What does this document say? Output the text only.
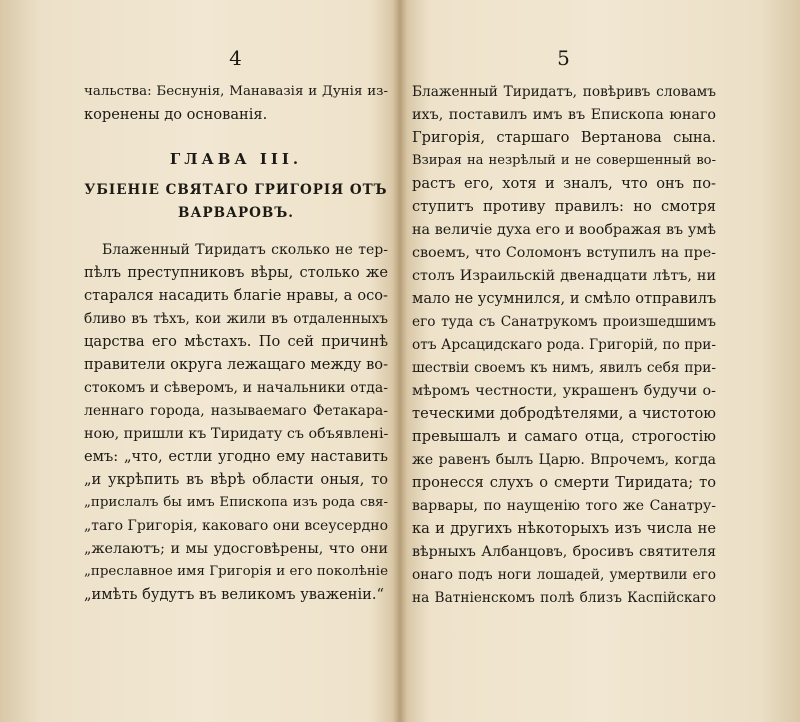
4
чальства: Беснунія, Манавазія и Дунія из-
коренены до основанія.
ГЛАВА III.
УБІЕНІЕ СВЯТАГО ГРИГОРІЯ ОТЪ
ВАРВАРОВЪ.
Блаженный Тиридатъ сколько не тер-
пѣлъ преступниковъ вѣры, столько же
старался насадить благіе нравы, а осо-
бливо въ тѣхъ, кои жили въ отдаленныхъ
царства его мѣстахъ. По сей причинѣ
правители округа лежащаго между во-
стокомъ и сѣверомъ, и начальники отда-
леннаго города, называемаго Фетакара-
ною, пришли къ Тиридату съ объявлені-
емъ: „что, естли угодно ему наставить
„и укрѣпить въ вѣрѣ области оныя, то
„прислалъ бы имъ Епископа изъ рода свя-
„таго Григорія, каковаго они всеусердно
„желаютъ; и мы удосговѣрены, что они
„преславное имя Григорія и его поколѣніе
„имѣть будутъ въ великомъ уваженіи.“
5
Блаженный Тиридатъ, повѣривъ словамъ
ихъ, поставилъ имъ въ Епископа юнаго
Григорія, старшаго Вертанова сына.
Взирая на незрѣлый и не совершенный во-
растъ его, хотя и зналъ, что онъ по-
ступитъ противу правилъ: но смотря
на величіе духа его и воображая въ умѣ
своемъ, что Соломонъ вступилъ на пре-
столъ Израильскій двенадцати лѣтъ, ни
мало не усумнился, и смѣло отправилъ
его туда съ Санатрукомъ произшедшимъ
отъ Арсацидскаго рода. Григорій, по при-
шествіи своемъ къ нимъ, явилъ себя при-
мѣромъ честности, украшенъ будучи о-
теческими добродѣтелями, а чистотою
превышалъ и самаго отца, строгостію
же равенъ былъ Царю. Впрочемъ, когда
пронесся слухъ о смерти Тиридата; то
варвары, по наущенію того же Санатру-
ка и другихъ нѣкоторыхъ изъ числа не
вѣрныхъ Албанцовъ, бросивъ святителя
онаго подъ ноги лошадей, умертвили его
на Ватніенскомъ полѣ близъ Каспійскаго
